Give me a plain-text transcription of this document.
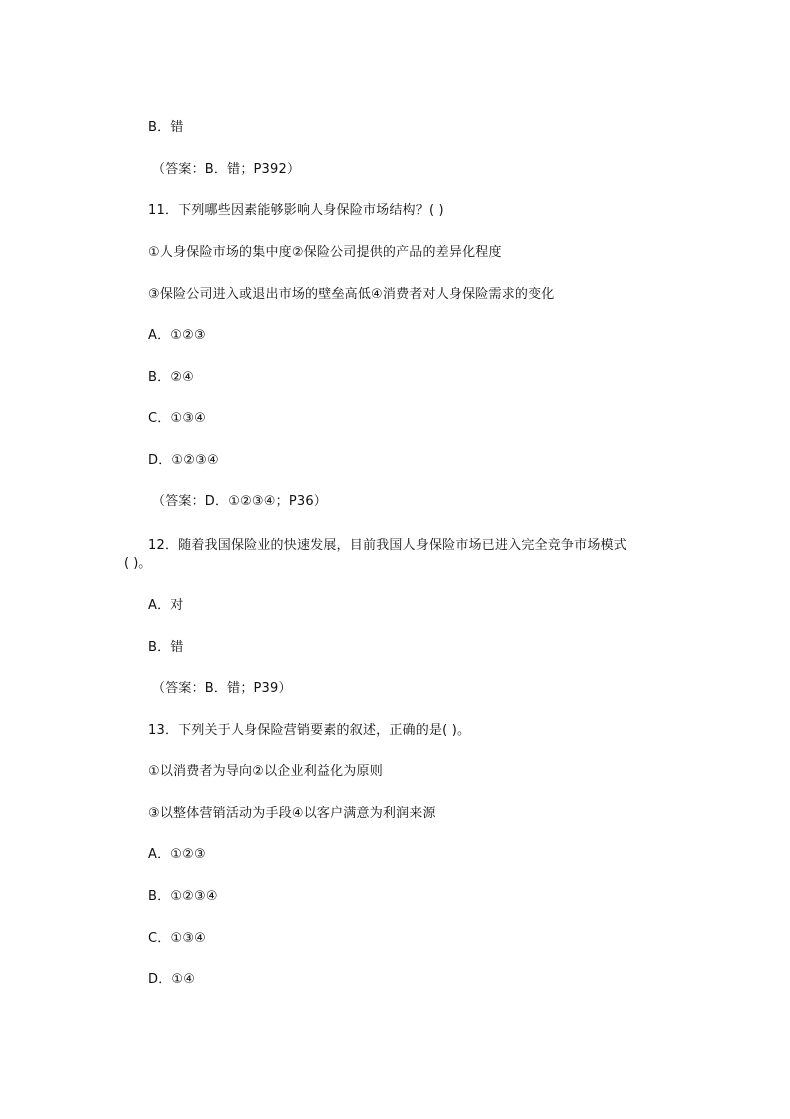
B．错
（答案：B．错；P392）
11．下列哪些因素能够影响人身保险市场结构？( )
①人身保险市场的集中度②保险公司提供的产品的差异化程度
③保险公司进入或退出市场的壁垒高低④消费者对人身保险需求的变化
A．①②③
B．②④
C．①③④
D．①②③④
（答案：D．①②③④；P36）
12．随着我国保险业的快速发展，目前我国人身保险市场已进入完全竞争市场模式
( )。
A．对
B．错
（答案：B．错；P39）
13．下列关于人身保险营销要素的叙述，正确的是( )。
①以消费者为导向②以企业利益化为原则
③以整体营销活动为手段④以客户满意为利润来源
A．①②③
B．①②③④
C．①③④
D．①④
